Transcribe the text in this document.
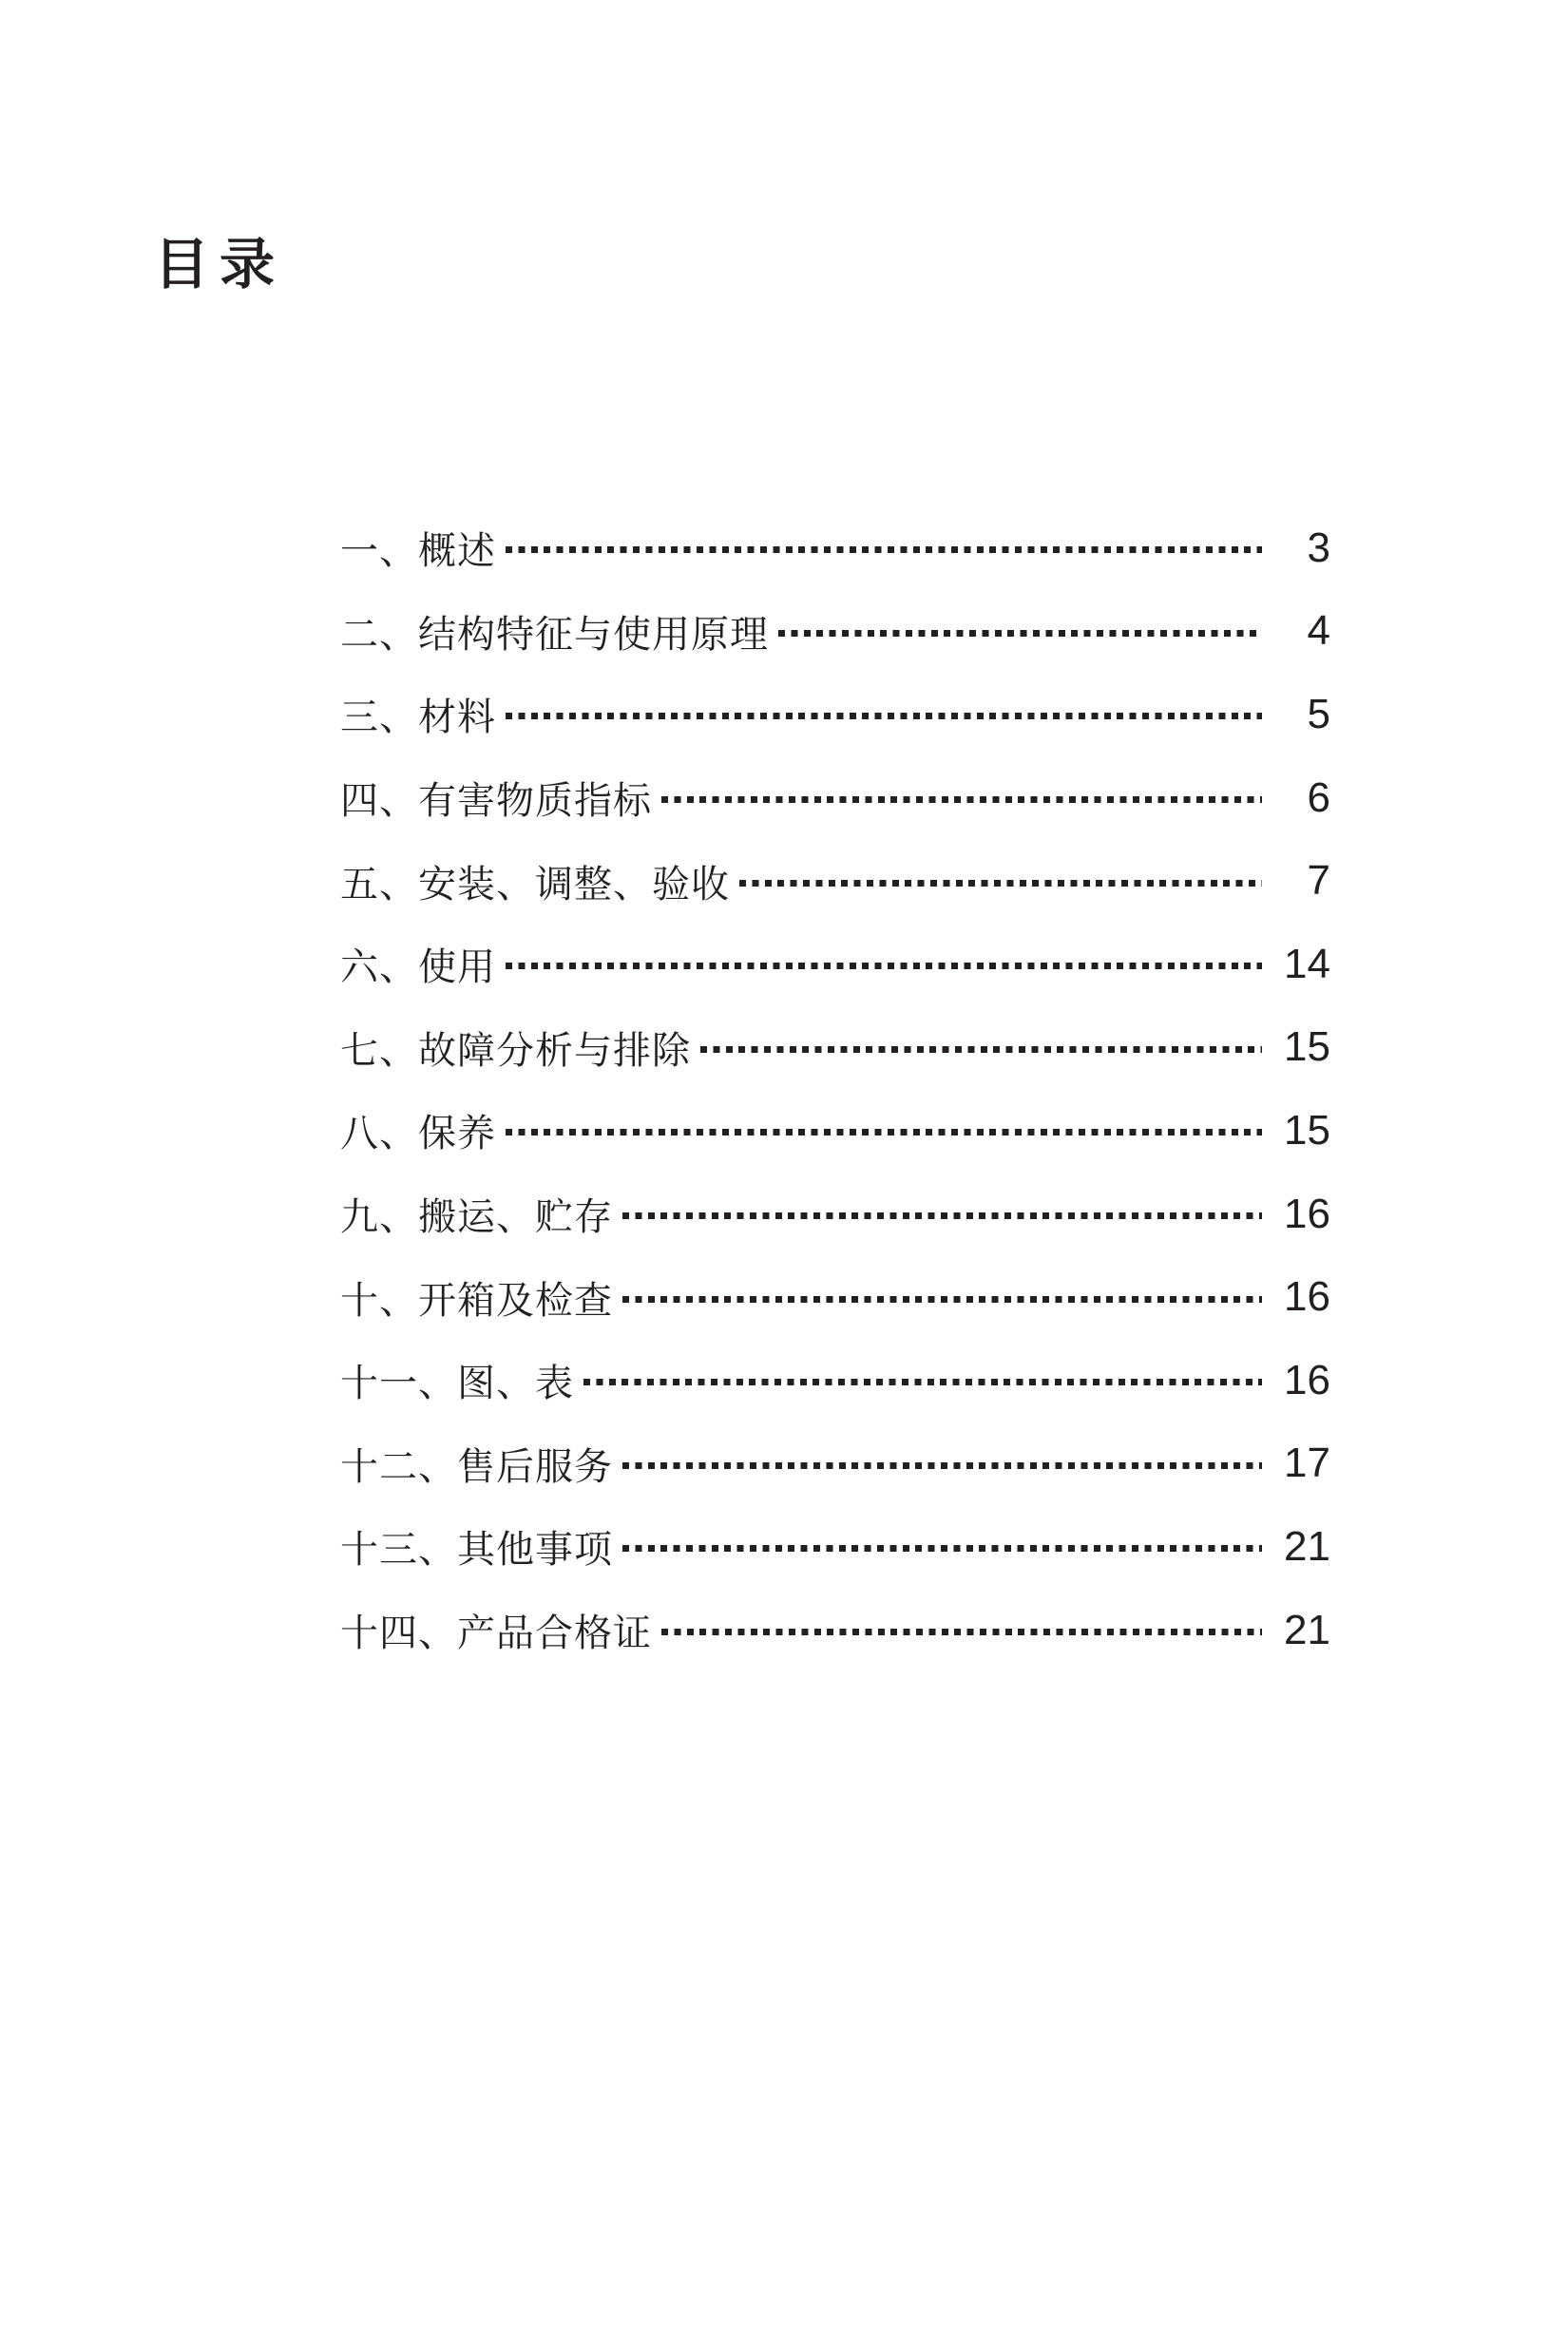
目录
一、概述	3
二、结构特征与使用原理	4
三、材料	5
四、有害物质指标	6
五、安装、调整、验收	7
六、使用	14
七、故障分析与排除	15
八、保养	15
九、搬运、贮存	16
十、开箱及检查	16
十一、图、表	16
十二、售后服务	17
十三、其他事项	21
十四、产品合格证	21
